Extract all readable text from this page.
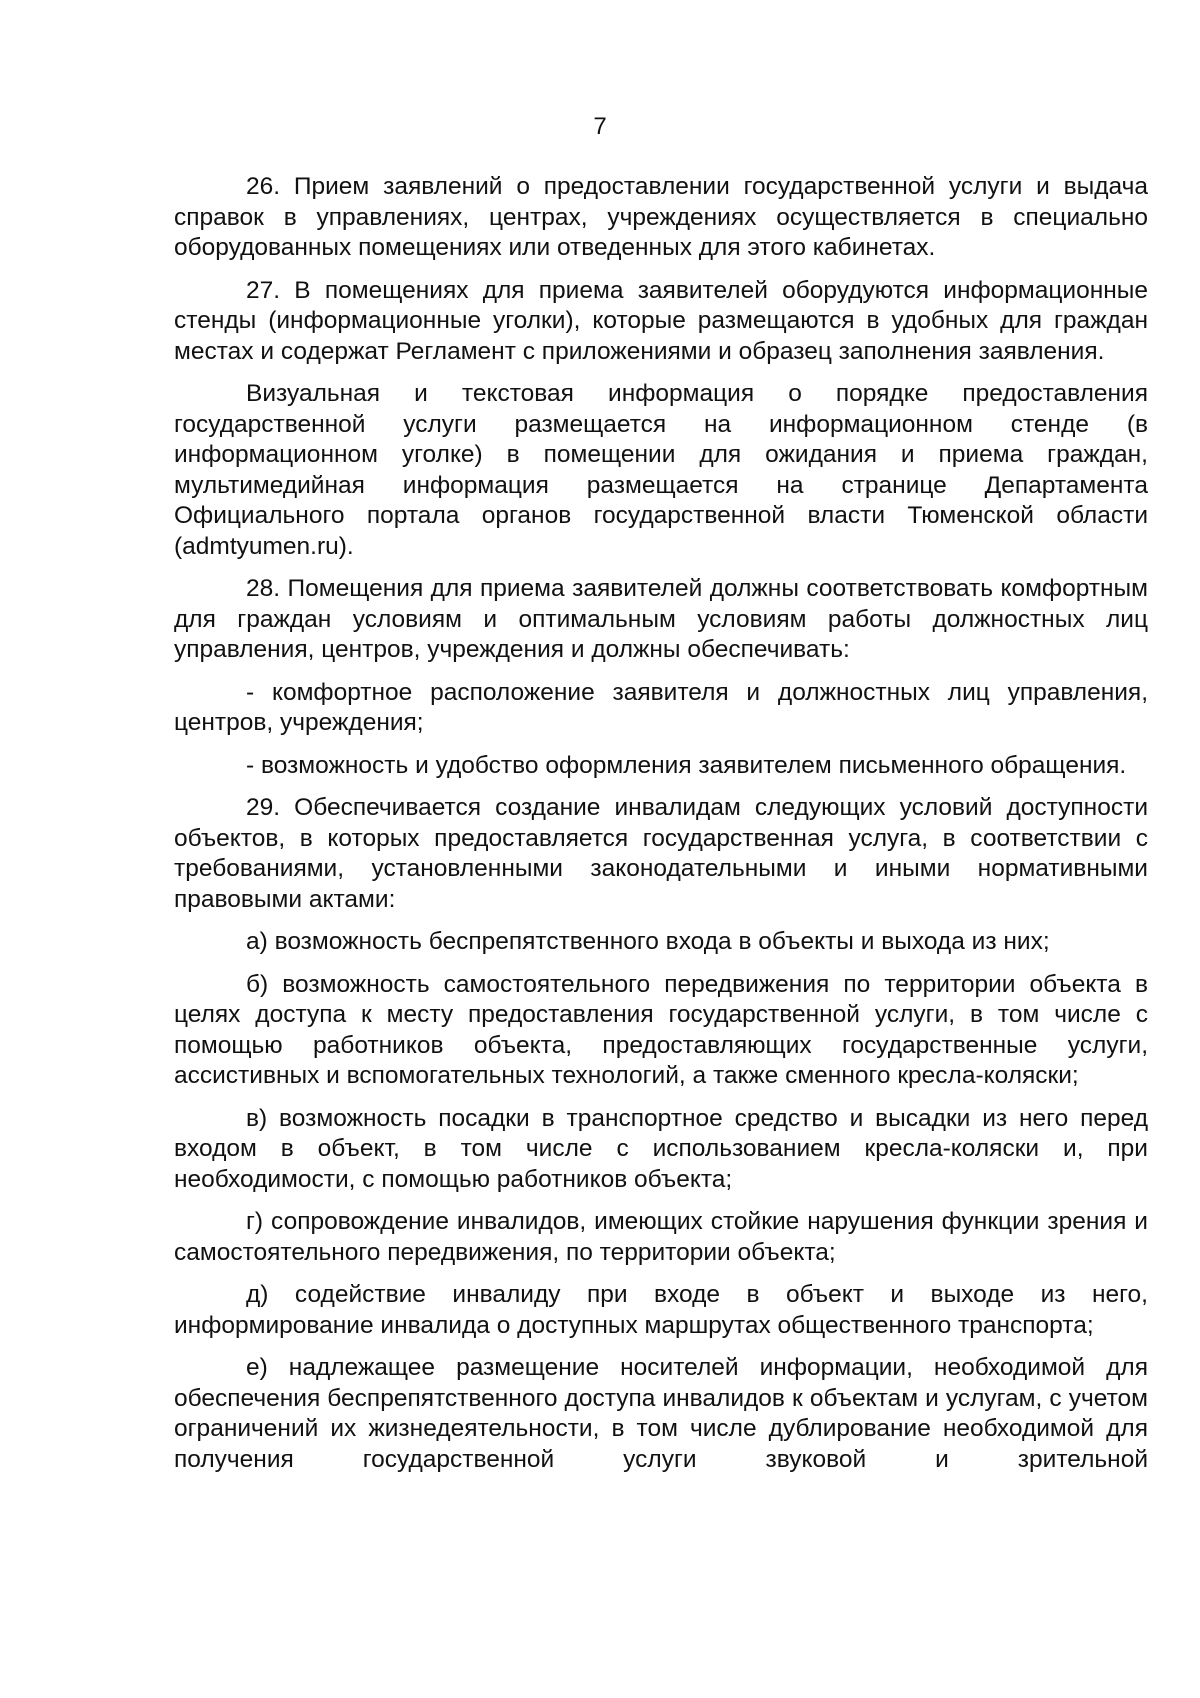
7

26. Прием заявлений о предоставлении государственной услуги и выдача справок в управлениях, центрах, учреждениях осуществляется в специально оборудованных помещениях или отведенных для этого кабинетах.

27. В помещениях для приема заявителей оборудуются информационные стенды (информационные уголки), которые размещаются в удобных для граждан местах и содержат Регламент с приложениями и образец заполнения заявления.

Визуальная и текстовая информация о порядке предоставления государственной услуги размещается на информационном стенде (в информационном уголке) в помещении для ожидания и приема граждан, мультимедийная информация размещается на странице Департамента Официального портала органов государственной власти Тюменской области (admtyumen.ru).

28. Помещения для приема заявителей должны соответствовать комфортным для граждан условиям и оптимальным условиям работы должностных лиц управления, центров, учреждения и должны обеспечивать:

- комфортное расположение заявителя и должностных лиц управления, центров, учреждения;

- возможность и удобство оформления заявителем письменного обращения.

29. Обеспечивается создание инвалидам следующих условий доступности объектов, в которых предоставляется государственная услуга, в соответствии с требованиями, установленными законодательными и иными нормативными правовыми актами:

а) возможность беспрепятственного входа в объекты и выхода из них;

б) возможность самостоятельного передвижения по территории объекта в целях доступа к месту предоставления государственной услуги, в том числе с помощью работников объекта, предоставляющих государственные услуги, ассистивных и вспомогательных технологий, а также сменного кресла-коляски;

в) возможность посадки в транспортное средство и высадки из него перед входом в объект, в том числе с использованием кресла-коляски и, при необходимости, с помощью работников объекта;

г) сопровождение инвалидов, имеющих стойкие нарушения функции зрения и самостоятельного передвижения, по территории объекта;

д) содействие инвалиду при входе в объект и выходе из него, информирование инвалида о доступных маршрутах общественного транспорта;

е) надлежащее размещение носителей информации, необходимой для обеспечения беспрепятственного доступа инвалидов к объектам и услугам, с учетом ограничений их жизнедеятельности, в том числе дублирование необходимой для получения государственной услуги звуковой и зрительной
